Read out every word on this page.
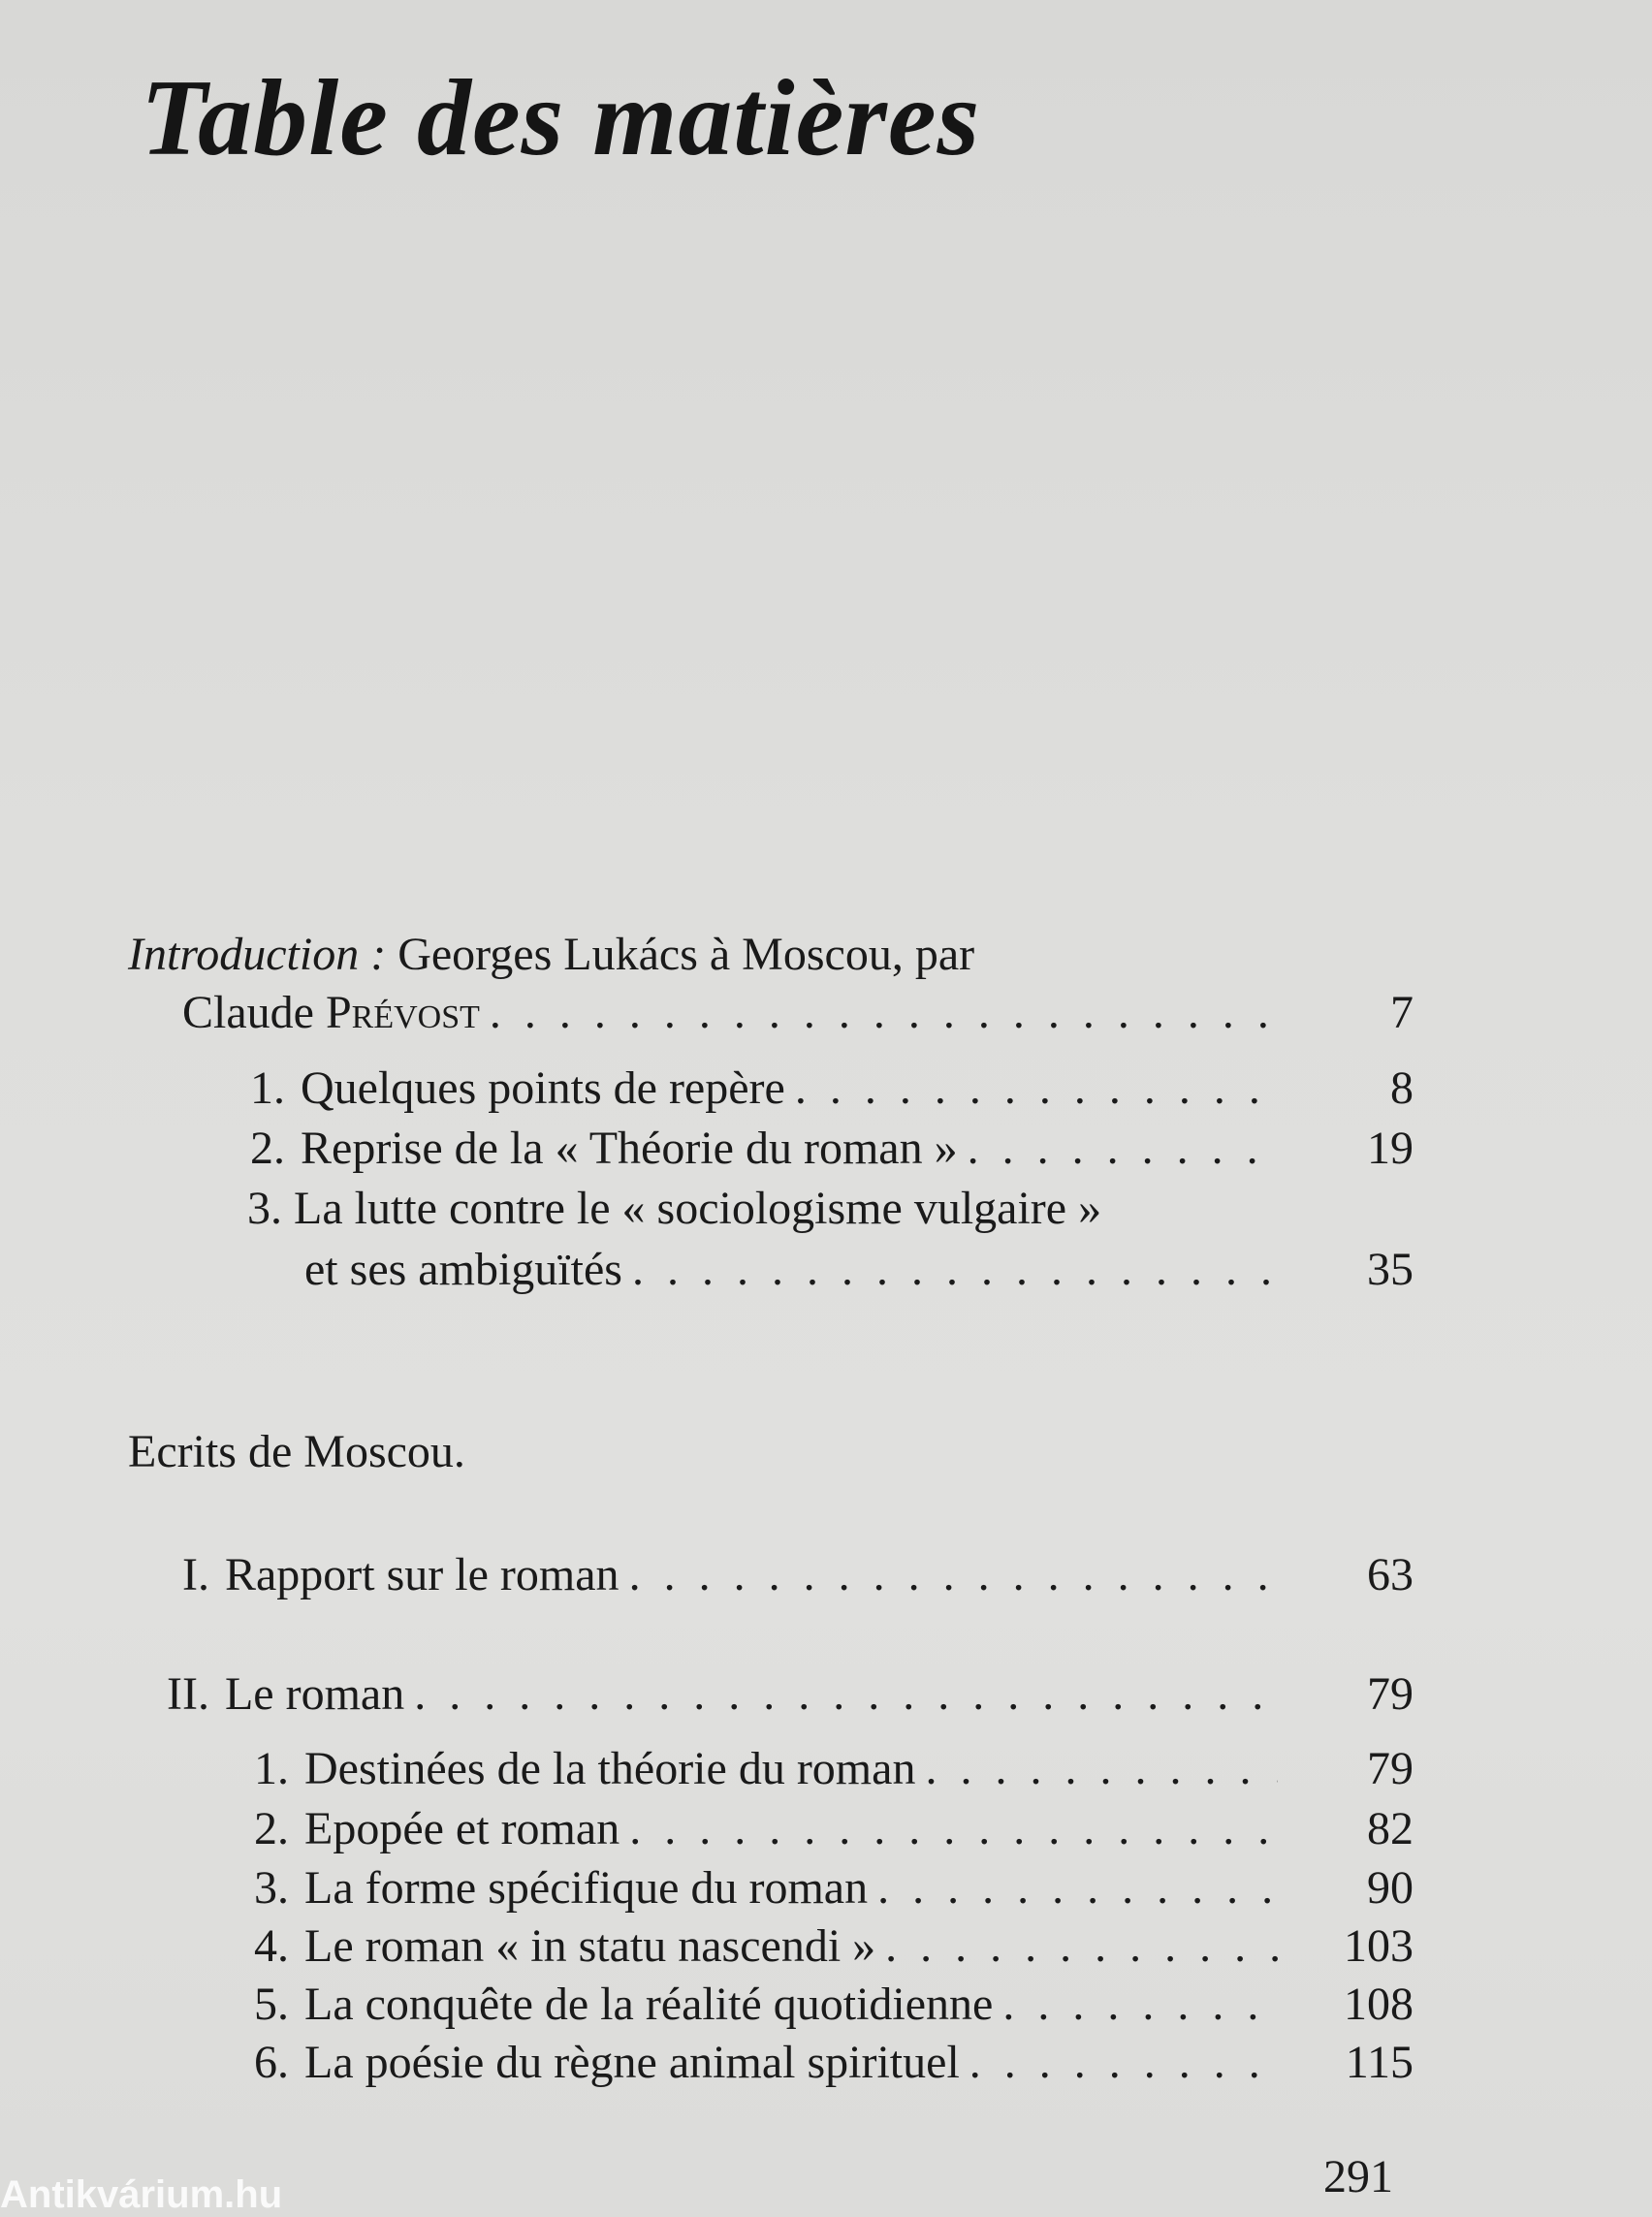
Table des matières
Introduction : Georges Lukács à Moscou, par
Claude Prévost . . .	7
1. Quelques points de repère . . .	8
2. Reprise de la « Théorie du roman » . . .	19
3. La lutte contre le « sociologisme vulgaire »
et ses ambiguïtés . . .	35
Ecrits de Moscou.
I. Rapport sur le roman . . .	63
II. Le roman . . .	79
1. Destinées de la théorie du roman . . .	79
2. Epopée et roman . . .	82
3. La forme spécifique du roman . . .	90
4. Le roman « in statu nascendi » . . .	103
5. La conquête de la réalité quotidienne . . .	108
6. La poésie du règne animal spirituel . . .	115
291
Antikvárium.hu
